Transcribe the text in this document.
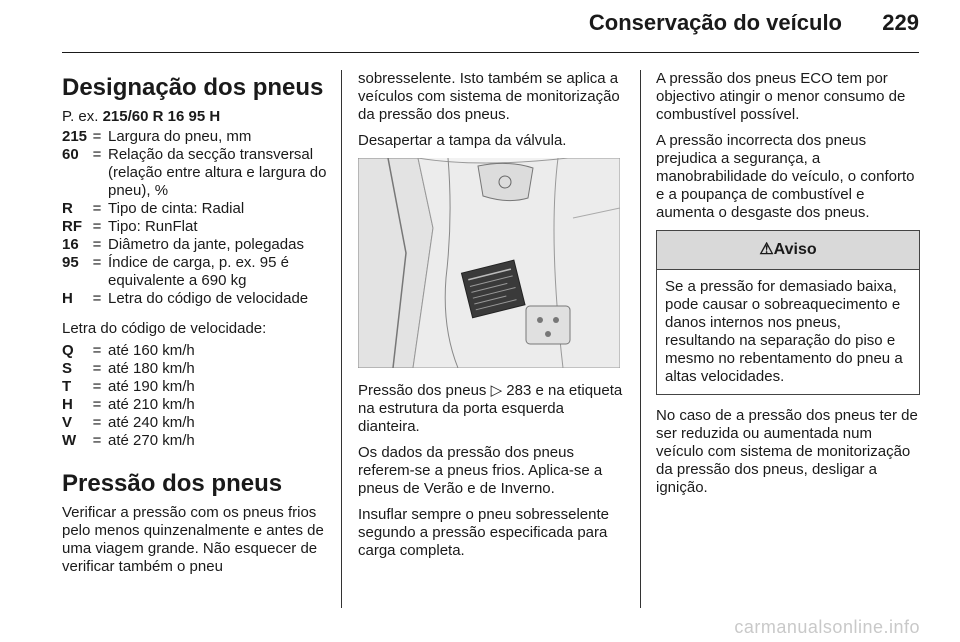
Conservação do veículo 229
Designação dos pneus

P. ex. 215/60 R 16 95 H

215 = Largura do pneu, mm
60 = Relação da secção transversal (relação entre altura e largura do pneu), %
R	= Tipo de cinta: Radial
RF = Tipo: RunFlat
16 = Diâmetro da jante, polegadas
95 = Índice de carga, p. ex. 95 é equivalente a 690 kg
H	= Letra do código de velocidade

Letra do código de velocidade:

Q	= até 160 km/h
S	= até 180 km/h
T	= até 190 km/h
H	= até 210 km/h
V	= até 240 km/h
W	= até 270 km/h
Pressão dos pneus

Verificar a pressão com os pneus frios pelo menos quinzenalmente e antes de uma viagem grande. Não esquecer de verificar também o pneu

sobresselente. Isto também se aplica a veículos com sistema de monitorização da pressão dos pneus.

Desapertar a tampa da válvula.

Pressão dos pneus ▷ 283 e na etiqueta na estrutura da porta esquerda dianteira.

Os dados da pressão dos pneus referem-se a pneus frios. Aplica-se a pneus de Verão e de Inverno.

Insuflar sempre o pneu sobresselente segundo a pressão especificada para carga completa.

A pressão dos pneus ECO tem por objectivo atingir o menor consumo de combustível possível.

A pressão incorrecta dos pneus prejudica a segurança, a manobrabilidade do veículo, o conforto e a poupança de combustível e aumenta o desgaste dos pneus.

⚠Aviso
Se a pressão for demasiado baixa, pode causar o sobreaquecimento e danos internos nos pneus, resultando na separação do piso e mesmo no rebentamento do pneu a altas velocidades.

No caso de a pressão dos pneus ter de ser reduzida ou aumentada num veículo com sistema de monitorização da pressão dos pneus, desligar a ignição.

carmanualsonline.info
